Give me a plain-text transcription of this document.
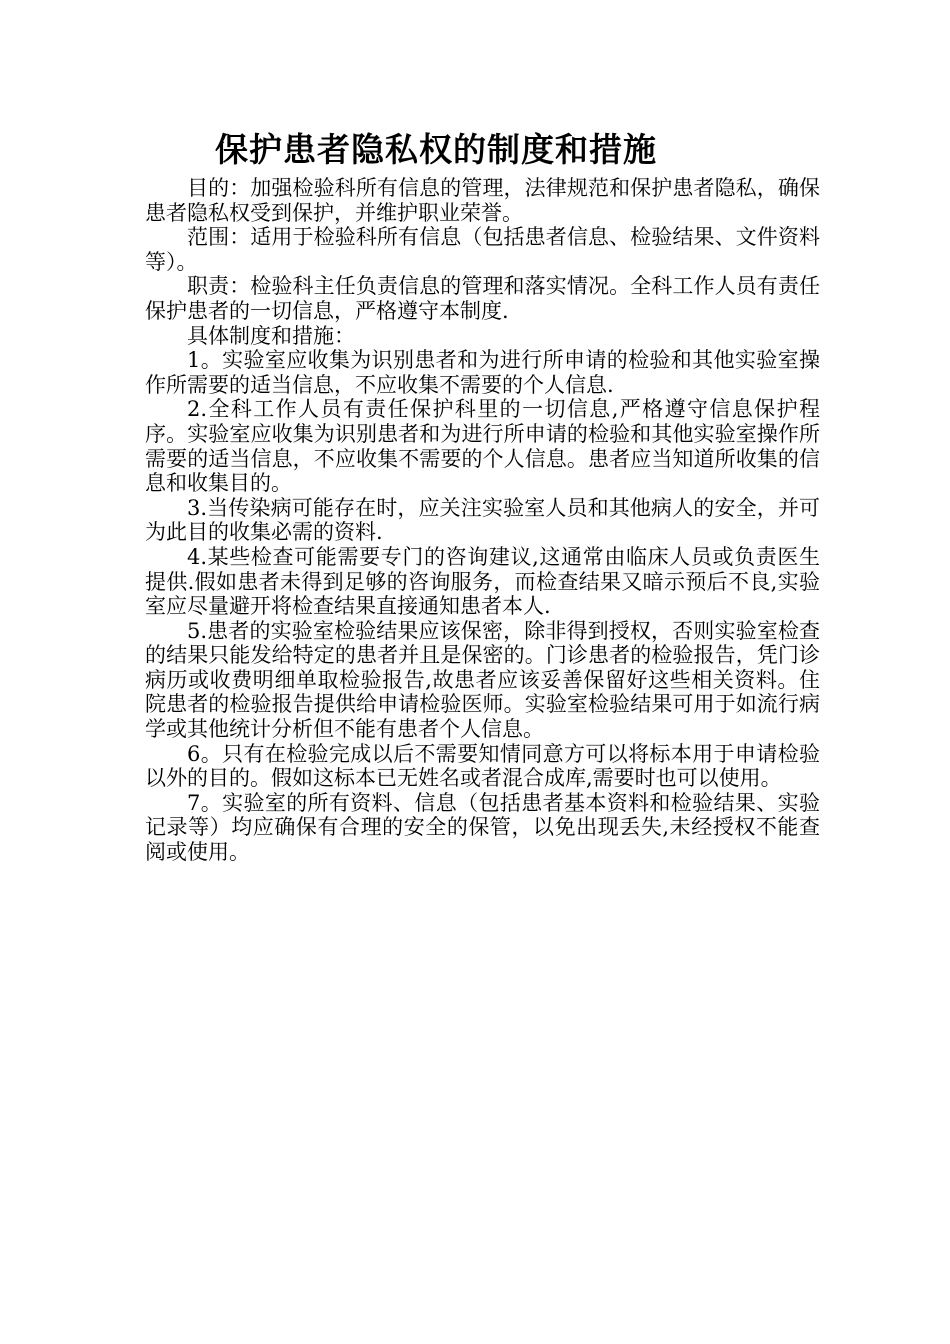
保护患者隐私权的制度和措施

目的：加强检验科所有信息的管理，法律规范和保护患者隐私，确保患者隐私权受到保护，并维护职业荣誉。

范围：适用于检验科所有信息（包括患者信息、检验结果、文件资料等）。

职责：检验科主任负责信息的管理和落实情况。全科工作人员有责任保护患者的一切信息，严格遵守本制度.

具体制度和措施：

1。实验室应收集为识别患者和为进行所申请的检验和其他实验室操作所需要的适当信息，不应收集不需要的个人信息.

2.全科工作人员有责任保护科里的一切信息,严格遵守信息保护程序。实验室应收集为识别患者和为进行所申请的检验和其他实验室操作所需要的适当信息，不应收集不需要的个人信息。患者应当知道所收集的信息和收集目的。

3.当传染病可能存在时，应关注实验室人员和其他病人的安全，并可为此目的收集必需的资料.

4.某些检查可能需要专门的咨询建议,这通常由临床人员或负责医生提供.假如患者未得到足够的咨询服务，而检查结果又暗示预后不良,实验室应尽量避开将检查结果直接通知患者本人.

5.患者的实验室检验结果应该保密，除非得到授权，否则实验室检查的结果只能发给特定的患者并且是保密的。门诊患者的检验报告，凭门诊病历或收费明细单取检验报告,故患者应该妥善保留好这些相关资料。住院患者的检验报告提供给申请检验医师。实验室检验结果可用于如流行病学或其他统计分析但不能有患者个人信息。

6。只有在检验完成以后不需要知情同意方可以将标本用于申请检验以外的目的。假如这标本已无姓名或者混合成库,需要时也可以使用。

7。实验室的所有资料、信息（包括患者基本资料和检验结果、实验记录等）均应确保有合理的安全的保管，以免出现丢失,未经授权不能查阅或使用。
